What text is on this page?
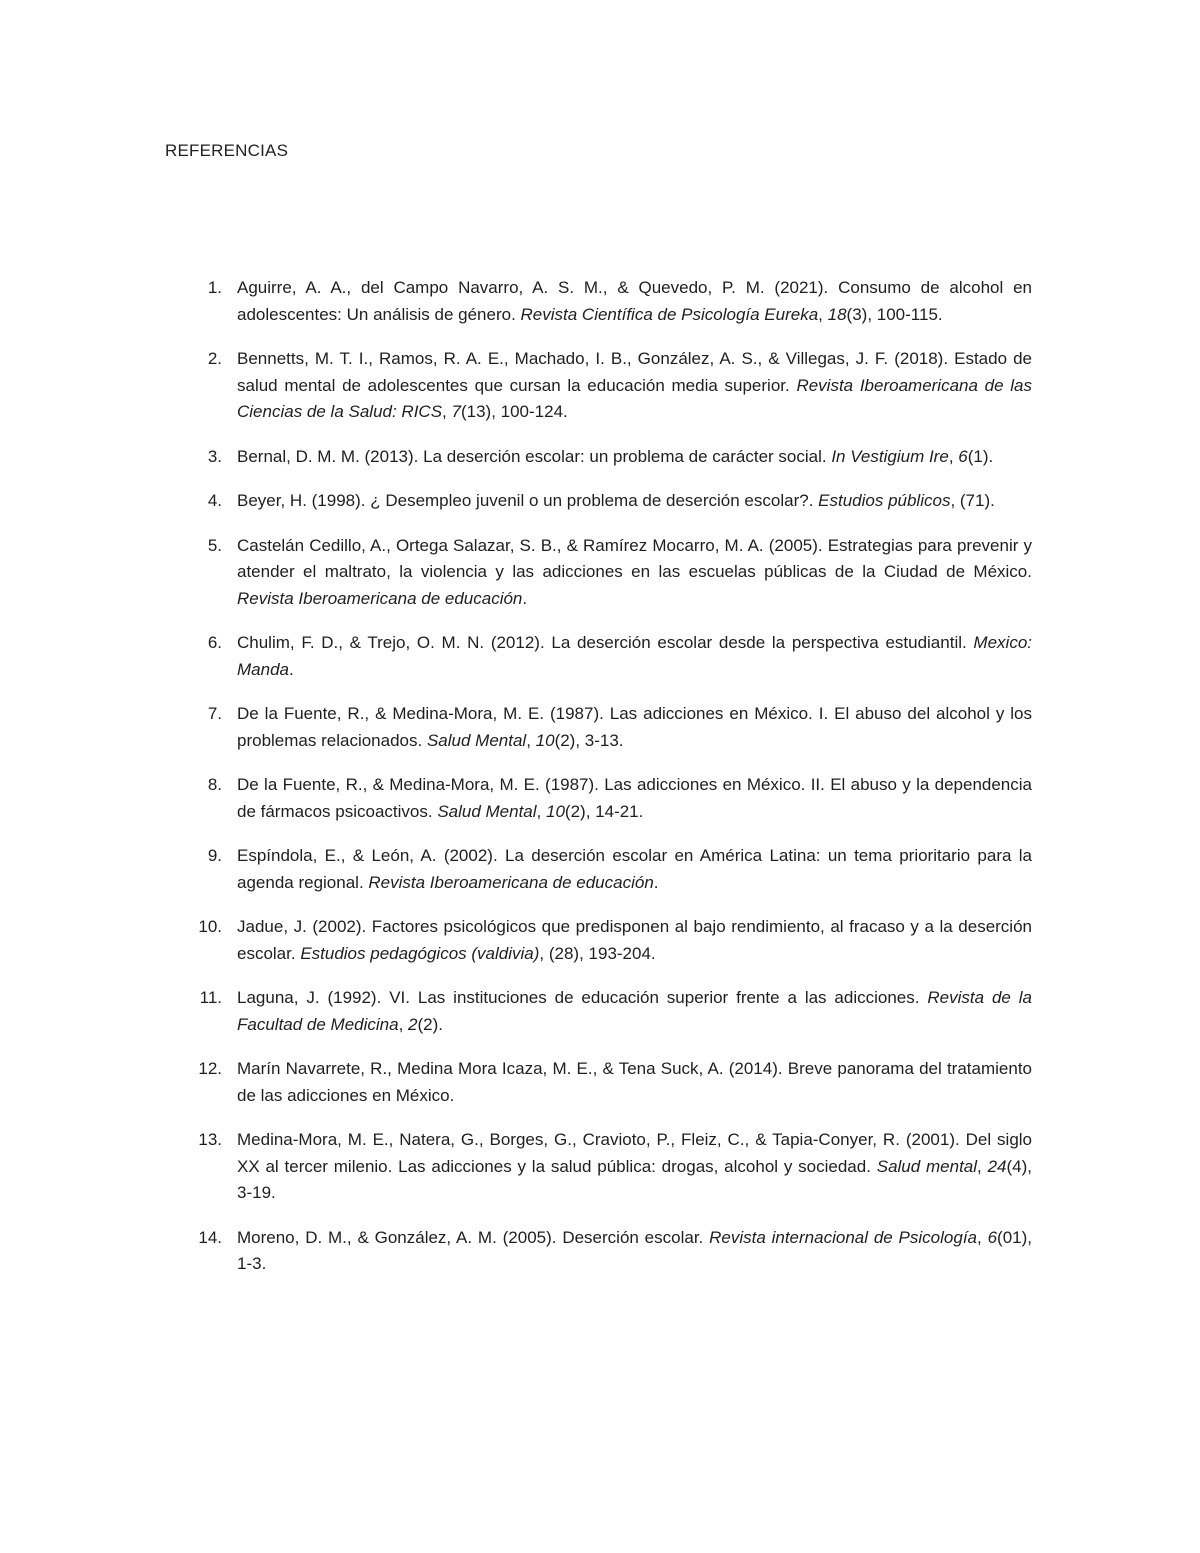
REFERENCIAS
1. Aguirre, A. A., del Campo Navarro, A. S. M., & Quevedo, P. M. (2021). Consumo de alcohol en adolescentes: Un análisis de género. Revista Científica de Psicología Eureka, 18(3), 100-115.
2. Bennetts, M. T. I., Ramos, R. A. E., Machado, I. B., González, A. S., & Villegas, J. F. (2018). Estado de salud mental de adolescentes que cursan la educación media superior. Revista Iberoamericana de las Ciencias de la Salud: RICS, 7(13), 100-124.
3. Bernal, D. M. M. (2013). La deserción escolar: un problema de carácter social. In Vestigium Ire, 6(1).
4. Beyer, H. (1998). ¿ Desempleo juvenil o un problema de deserción escolar?. Estudios públicos, (71).
5. Castelán Cedillo, A., Ortega Salazar, S. B., & Ramírez Mocarro, M. A. (2005). Estrategias para prevenir y atender el maltrato, la violencia y las adicciones en las escuelas públicas de la Ciudad de México. Revista Iberoamericana de educación.
6. Chulim, F. D., & Trejo, O. M. N. (2012). La deserción escolar desde la perspectiva estudiantil. Mexico: Manda.
7. De la Fuente, R., & Medina-Mora, M. E. (1987). Las adicciones en México. I. El abuso del alcohol y los problemas relacionados. Salud Mental, 10(2), 3-13.
8. De la Fuente, R., & Medina-Mora, M. E. (1987). Las adicciones en México. II. El abuso y la dependencia de fármacos psicoactivos. Salud Mental, 10(2), 14-21.
9. Espíndola, E., & León, A. (2002). La deserción escolar en América Latina: un tema prioritario para la agenda regional. Revista Iberoamericana de educación.
10. Jadue, J. (2002). Factores psicológicos que predisponen al bajo rendimiento, al fracaso y a la deserción escolar. Estudios pedagógicos (valdivia), (28), 193-204.
11. Laguna, J. (1992). VI. Las instituciones de educación superior frente a las adicciones. Revista de la Facultad de Medicina, 2(2).
12. Marín Navarrete, R., Medina Mora Icaza, M. E., & Tena Suck, A. (2014). Breve panorama del tratamiento de las adicciones en México.
13. Medina-Mora, M. E., Natera, G., Borges, G., Cravioto, P., Fleiz, C., & Tapia-Conyer, R. (2001). Del siglo XX al tercer milenio. Las adicciones y la salud pública: drogas, alcohol y sociedad. Salud mental, 24(4), 3-19.
14. Moreno, D. M., & González, A. M. (2005). Deserción escolar. Revista internacional de Psicología, 6(01), 1-3.
